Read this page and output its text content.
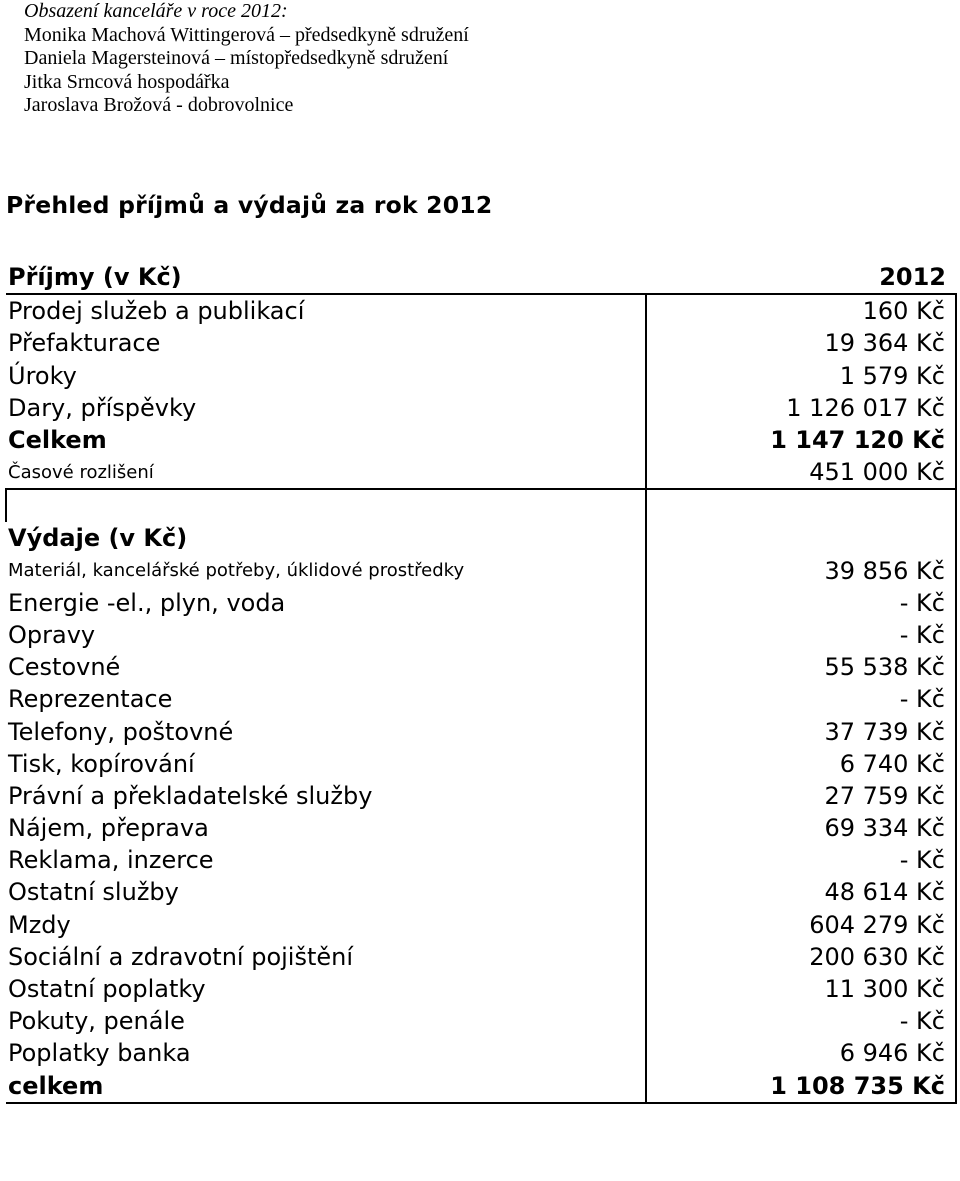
Obsazení kanceláře v roce 2012:
Monika Machová Wittingerová – předsedkyně sdružení
Daniela Magersteinová – místopředsedkyně sdružení
Jitka Srncová hospodářka
Jaroslava Brožová - dobrovolnice
Přehled příjmů a výdajů za rok 2012
Příjmy (v Kč)	2012
Prodej služeb a publikací	160 Kč
Přefakturace	19 364 Kč
Úroky	1 579 Kč
Dary, příspěvky	1 126 017 Kč
Celkem	1 147 120 Kč
Časové rozlišení	451 000 Kč

Výdaje (v Kč)	
Materiál, kancelářské potřeby, úklidové prostředky	39 856 Kč
Energie -el., plyn, voda	- Kč
Opravy	- Kč
Cestovné	55 538 Kč
Reprezentace	- Kč
Telefony, poštovné	37 739 Kč
Tisk, kopírování	6 740 Kč
Právní a překladatelské služby	27 759 Kč
Nájem, přeprava	69 334 Kč
Reklama, inzerce	- Kč
Ostatní služby	48 614 Kč
Mzdy	604 279 Kč
Sociální a zdravotní pojištění	200 630 Kč
Ostatní poplatky	11 300 Kč
Pokuty, penále	- Kč
Poplatky banka	6 946 Kč
celkem	1 108 735 Kč
